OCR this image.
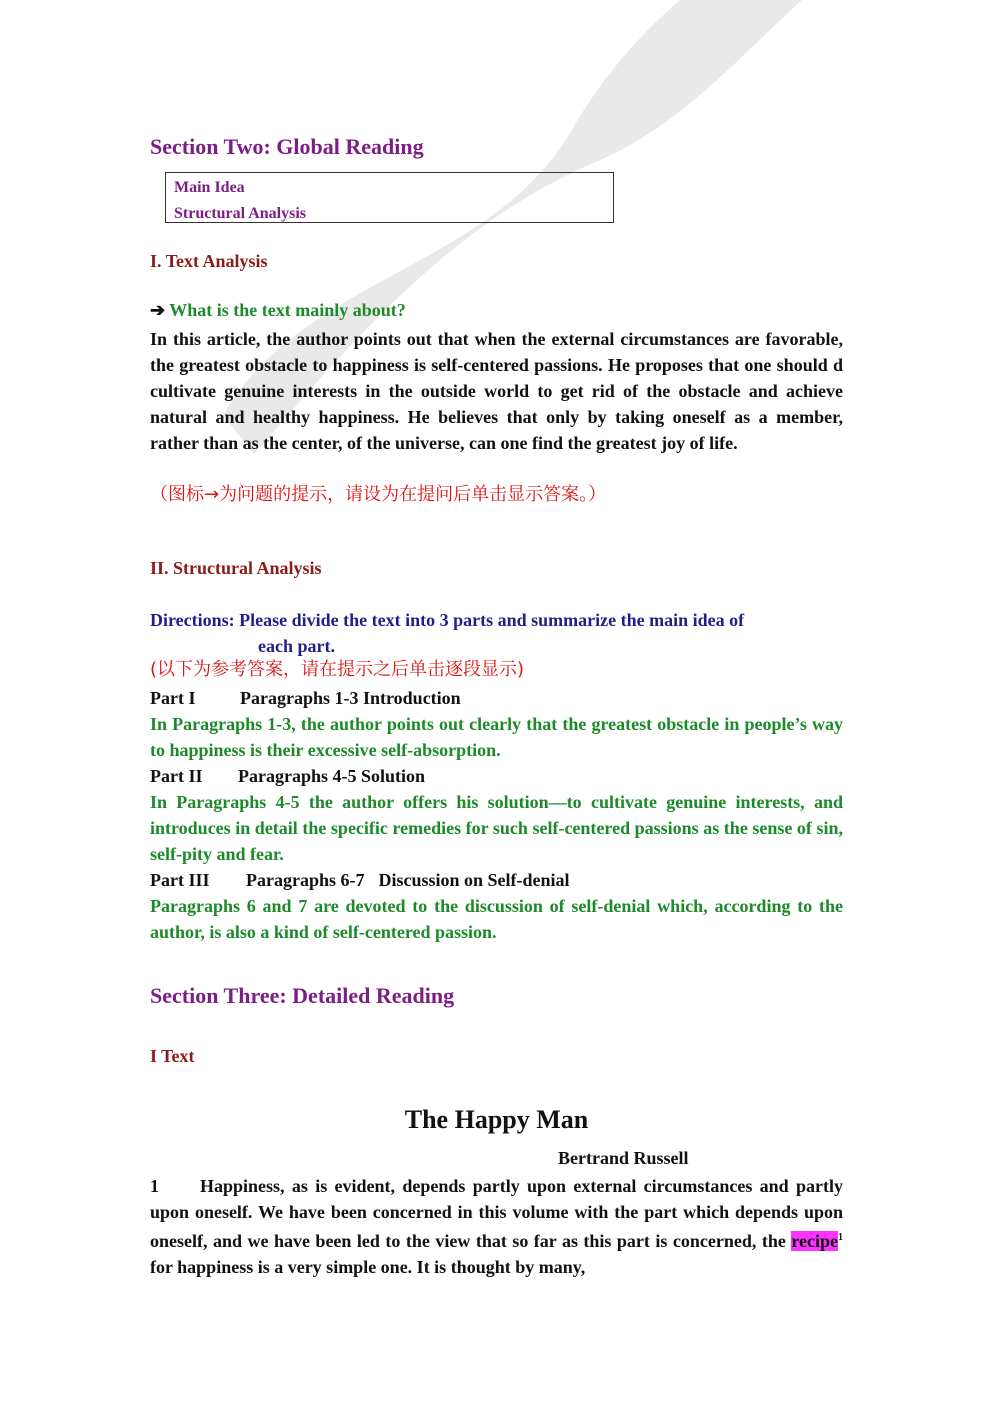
Section Two: Global Reading
Main Idea
Structural Analysis
I. Text Analysis
➔ What is the text mainly about?
In this article, the author points out that when the external circumstances are favorable, the greatest obstacle to happiness is self-centered passions. He proposes that one should d cultivate genuine interests in the outside world to get rid of the obstacle and achieve natural and healthy happiness. He believes that only by taking oneself as a member, rather than as the center, of the universe, can one find the greatest joy of life.
（图标→为问题的提示，请设为在提问后单击显示答案。）
II. Structural Analysis
Directions: Please divide the text into 3 parts and summarize the main idea of
each part.
(以下为参考答案，请在提示之后单击逐段显示)
Part I Paragraphs 1-3 Introduction
In Paragraphs 1-3, the author points out clearly that the greatest obstacle in people’s way to happiness is their excessive self-absorption.
Part II Paragraphs 4-5 Solution
In Paragraphs 4-5 the author offers his solution—to cultivate genuine interests, and introduces in detail the specific remedies for such self-centered passions as the sense of sin, self-pity and fear.
Part III Paragraphs 6-7 Discussion on Self-denial
Paragraphs 6 and 7 are devoted to the discussion of self-denial which, according to the author, is also a kind of self-centered passion.
Section Three: Detailed Reading
I Text
The Happy Man
Bertrand Russell
1 Happiness, as is evident, depends partly upon external circumstances and partly upon oneself. We have been concerned in this volume with the part which depends upon oneself, and we have been led to the view that so far as this part is concerned, the recipe$^1$ for happiness is a very simple one. It is thought by many,
